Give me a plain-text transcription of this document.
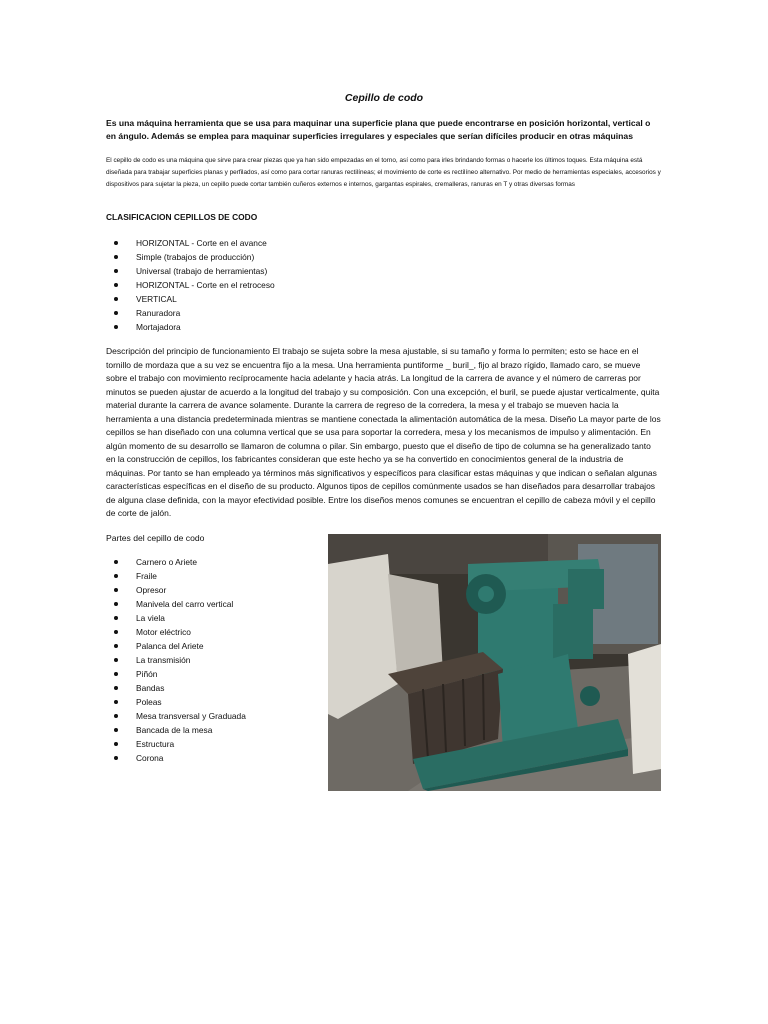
Cepillo de codo

Es una máquina herramienta que se usa para maquinar una superficie plana que puede encontrarse en posición horizontal, vertical o en ángulo. Además se emplea para maquinar superficies irregulares y especiales que serían difíciles producir en otras máquinas

El cepillo de codo es una máquina que sirve para crear piezas que ya han sido empezadas en el torno, así como para irles brindando formas o hacerle los últimos toques. Esta máquina está diseñada para trabajar superficies planas y perfilados, así como para cortar ranuras rectilíneas; el movimiento de corte es rectilíneo alternativo. Por medio de herramientas especiales, accesorios y dispositivos para sujetar la pieza, un cepillo puede cortar también cuñeros externos e internos, gargantas espirales, cremalleras, ranuras en T y otras diversas formas

CLASIFICACION CEPILLOS DE CODO

HORIZONTAL - Corte en el avance
Simple (trabajos de producción)
Universal (trabajo de herramientas)
HORIZONTAL - Corte en el retroceso
VERTICAL
Ranuradora
Mortajadora

Descripción del principio de funcionamiento El trabajo se sujeta sobre la mesa ajustable, si su tamaño y forma lo permiten; esto se hace en el tornillo de mordaza que a su vez se encuentra fijo a la mesa. Una herramienta puntiforme _ buril_, fijo al brazo rígido, llamado caro, se mueve sobre el trabajo con movimiento recíprocamente hacia adelante y hacia atrás. La longitud de la carrera de avance y el número de carreras por minutos se pueden ajustar de acuerdo a la longitud del trabajo y su composición. Con una excepción, el buril, se puede ajustar verticalmente, quita material durante la carrera de avance solamente. Durante la carrera de regreso de la corredera, la mesa y el trabajo se mueven hacia la herramienta a una distancia predeterminada mientras se mantiene conectada la alimentación automática de la mesa. Diseño La mayor parte de los cepillos se han diseñado con una columna vertical que se usa para soportar la corredera, mesa y los mecanismos de impulso y alimentación. En algún momento de su desarrollo se llamaron de columna o pilar. Sin embargo, puesto que el diseño de tipo de columna se ha generalizado tanto en la construcción de cepillos, los fabricantes consideran que este hecho ya se ha convertido en conocimientos general de la industria de máquinas. Por tanto se han empleado ya términos más significativos y específicos para clasificar estas máquinas y que indican o señalan algunas características específicas en el diseño de su producto. Algunos tipos de cepillos comúnmente usados se han diseñados para desarrollar trabajos de alguna clase definida, con la mayor efectividad posible. Entre los diseños menos comunes se encuentran el cepillo de cabeza móvil y el cepillo de corte de jalón.

Partes del cepillo de codo

Carnero o Ariete
Fraile
Opresor
Manivela del carro vertical
La viela
Motor eléctrico
Palanca del Ariete
La transmisión
Piñón
Bandas
Poleas
Mesa transversal y Graduada
Bancada de la mesa
Estructura
Corona
